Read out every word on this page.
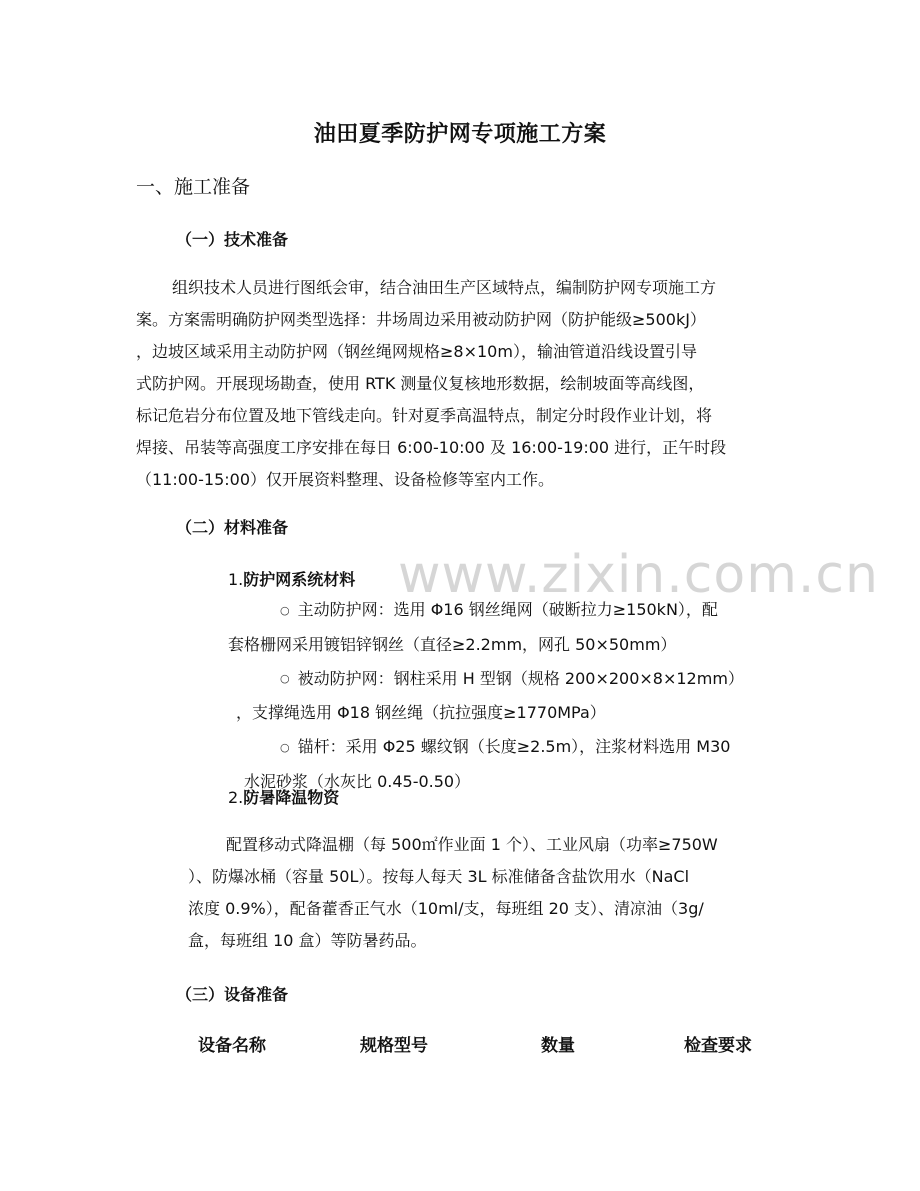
油田夏季防护网专项施工方案
一、施工准备
（一）技术准备
组织技术人员进行图纸会审，结合油田生产区域特点，编制防护网专项施工方
案。方案需明确防护网类型选择：井场周边采用被动防护网（防护能级≥500kJ）
，边坡区域采用主动防护网（钢丝绳网规格≥8×10m），输油管道沿线设置引导
式防护网。开展现场勘查，使用 RTK 测量仪复核地形数据，绘制坡面等高线图，
标记危岩分布位置及地下管线走向。针对夏季高温特点，制定分时段作业计划，将
焊接、吊装等高强度工序安排在每日 6:00-10:00 及 16:00-19:00 进行，正午时段
（11:00-15:00）仅开展资料整理、设备检修等室内工作。
（二）材料准备
www.zixin.com.cn
1.防护网系统材料
○ 主动防护网：选用 Φ16 钢丝绳网（破断拉力≥150kN），配
套格栅网采用镀铝锌钢丝（直径≥2.2mm，网孔 50×50mm）
○ 被动防护网：钢柱采用 H 型钢（规格 200×200×8×12mm）
，支撑绳选用 Φ18 钢丝绳（抗拉强度≥1770MPa）
○ 锚杆：采用 Φ25 螺纹钢（长度≥2.5m），注浆材料选用 M30
水泥砂浆（水灰比 0.45-0.50）
2.防暑降温物资
配置移动式降温棚（每 500㎡作业面 1 个）、工业风扇（功率≥750W
）、防爆冰桶（容量 50L）。按每人每天 3L 标准储备含盐饮用水（NaCl
浓度 0.9%），配备藿香正气水（10ml/支，每班组 20 支）、清凉油（3g/
盒，每班组 10 盒）等防暑药品。
（三）设备准备
设备名称	规格型号	数量	检查要求
